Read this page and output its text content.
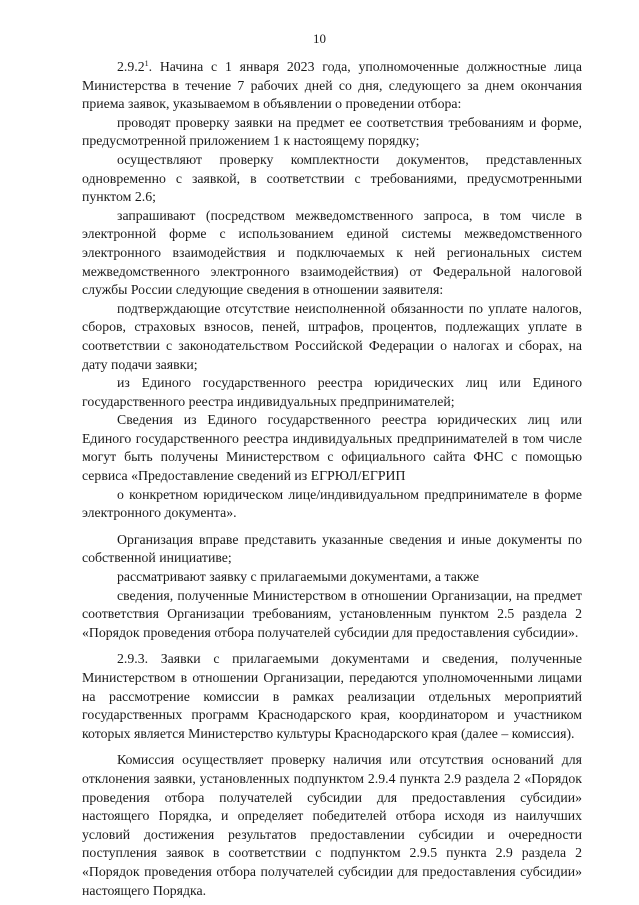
10

2.9.2$^1$. Начина с 1 января 2023 года, уполномоченные должностные лица Министерства в течение 7 рабочих дней со дня, следующего за днем окончания приема заявок, указываемом в объявлении о проведении отбора:

проводят проверку заявки на предмет ее соответствия требованиям и форме, предусмотренной приложением 1 к настоящему порядку;

осуществляют проверку комплектности документов, представленных одновременно с заявкой, в соответствии с требованиями, предусмотренными пунктом 2.6;

запрашивают (посредством межведомственного запроса, в том числе в электронной форме с использованием единой системы межведомственного электронного взаимодействия и подключаемых к ней региональных систем межведомственного электронного взаимодействия) от Федеральной налоговой службы России следующие сведения в отношении заявителя:

подтверждающие отсутствие неисполненной обязанности по уплате налогов, сборов, страховых взносов, пеней, штрафов, процентов, подлежащих уплате в соответствии с законодательством Российской Федерации о налогах и сборах, на дату подачи заявки;

из Единого государственного реестра юридических лиц или Единого государственного реестра индивидуальных предпринимателей;

Сведения из Единого государственного реестра юридических лиц или Единого государственного реестра индивидуальных предпринимателей в том числе могут быть получены Министерством с официального сайта ФНС с помощью сервиса «Предоставление сведений из ЕГРЮЛ/ЕГРИП

о конкретном юридическом лице/индивидуальном предпринимателе в форме электронного документа».

Организация вправе представить указанные сведения и иные документы по собственной инициативе;

рассматривают заявку с прилагаемыми документами, а также

сведения, полученные Министерством в отношении Организации, на предмет соответствия Организации требованиям, установленным пунктом 2.5 раздела 2 «Порядок проведения отбора получателей субсидии для предоставления субсидии».

2.9.3. Заявки с прилагаемыми документами и сведения, полученные Министерством в отношении Организации, передаются уполномоченными лицами на рассмотрение комиссии в рамках реализации отдельных мероприятий государственных программ Краснодарского края, координатором и участником которых является Министерство культуры Краснодарского края (далее – комиссия).

Комиссия осуществляет проверку наличия или отсутствия оснований для отклонения заявки, установленных подпунктом 2.9.4 пункта 2.9 раздела 2 «Порядок проведения отбора получателей субсидии для предоставления субсидии» настоящего Порядка, и определяет победителей отбора исходя из наилучших условий достижения результатов предоставлении субсидии и очередности поступления заявок в соответствии с подпунктом 2.9.5 пункта 2.9 раздела 2 «Порядок проведения отбора получателей субсидии для предоставления субсидии» настоящего Порядка.
